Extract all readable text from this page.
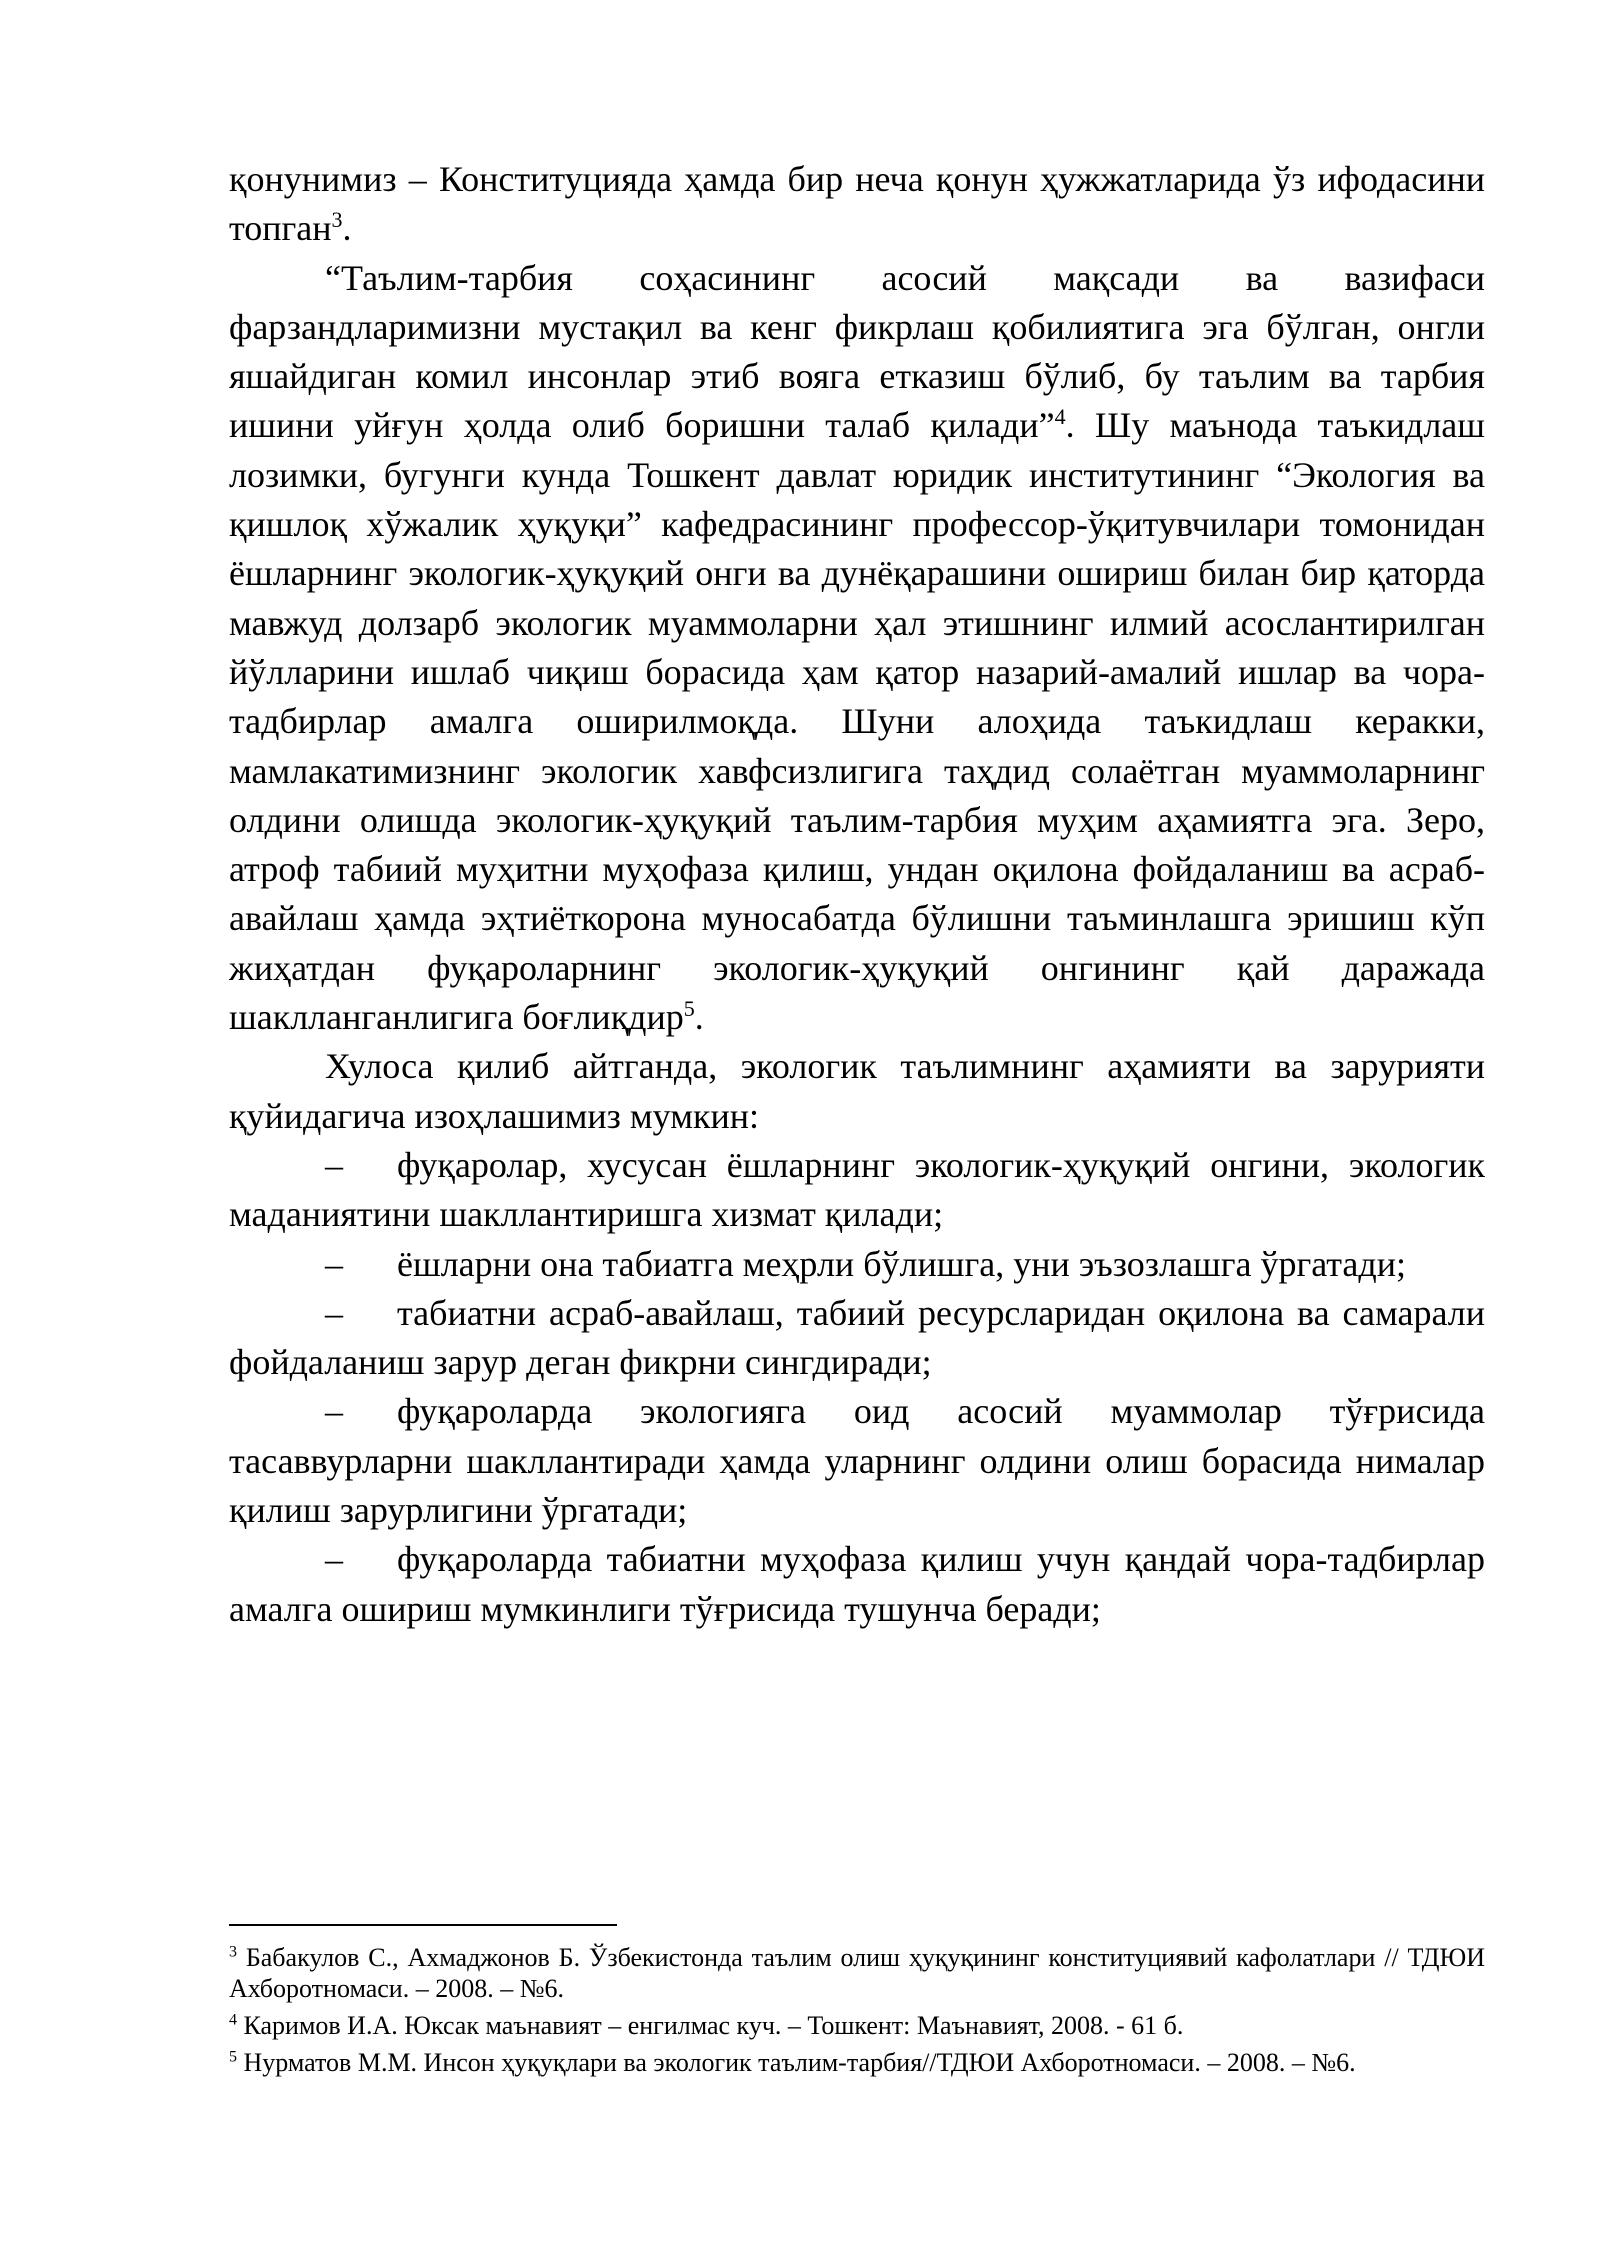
қонунимиз – Конституцияда ҳамда бир неча қонун ҳужжатларида ўз ифодасини топган$^3$.

“Таълим-тарбия соҳасининг асосий мақсади ва вазифаси фарзандларимизни мустақил ва кенг фикрлаш қобилиятига эга бўлган, онгли яшайдиган комил инсонлар этиб вояга етказиш бўлиб, бу таълим ва тарбия ишини уйғун ҳолда олиб боришни талаб қилади”$^4$. Шу маънода таъкидлаш лозимки, бугунги кунда Тошкент давлат юридик институтининг “Экология ва қишлоқ хўжалик ҳуқуқи” кафедрасининг профессор-ўқитувчилари томонидан ёшларнинг экологик-ҳуқуқий онги ва дунёқарашини ошириш билан бир қаторда мавжуд долзарб экологик муаммоларни ҳал этишнинг илмий асослантирилган йўлларини ишлаб чиқиш борасида ҳам қатор назарий-амалий ишлар ва чора-тадбирлар амалга оширилмоқда. Шуни алоҳида таъкидлаш керакки, мамлакатимизнинг экологик хавфсизлигига таҳдид солаётган муаммоларнинг олдини олишда экологик-ҳуқуқий таълим-тарбия муҳим аҳамиятга эга. Зеро, атроф табиий муҳитни муҳофаза қилиш, ундан оқилона фойдаланиш ва асраб-авайлаш ҳамда эҳтиёткорона муносабатда бўлишни таъминлашга эришиш кўп жиҳатдан фуқароларнинг экологик-ҳуқуқий онгининг қай даражада шаклланганлигига боғлиқдир$^5$.

Хулоса қилиб айтганда, экологик таълимнинг аҳамияти ва зарурияти қуйидагича изоҳлашимиз мумкин:

– фуқаролар, хусусан ёшларнинг экологик-ҳуқуқий онгини, экологик маданиятини шакллантиришга хизмат қилади;

– ёшларни она табиатга меҳрли бўлишга, уни эъзозлашга ўргатади;

– табиатни асраб-авайлаш, табиий ресурсларидан оқилона ва самарали фойдаланиш зарур деган фикрни сингдиради;

– фуқароларда экологияга оид асосий муаммолар тўғрисида тасаввурларни шакллантиради ҳамда уларнинг олдини олиш борасида нималар қилиш зарурлигини ўргатади;

– фуқароларда табиатни муҳофаза қилиш учун қандай чора-тадбирлар амалга ошириш мумкинлиги тўғрисида тушунча беради;

$^3$ Бабакулов С., Ахмаджонов Б. Ўзбекистонда таълим олиш ҳуқуқининг конституциявий кафолатлари // ТДЮИ Ахборотномаси. – 2008. – №6.

$^4$ Каримов И.А. Юксак маънавият – енгилмас куч. – Тошкент: Маънавият, 2008. - 61 б.

$^5$ Нурматов М.М. Инсон ҳуқуқлари ва экологик таълим-тарбия//ТДЮИ Ахборотномаси. – 2008. – №6.
